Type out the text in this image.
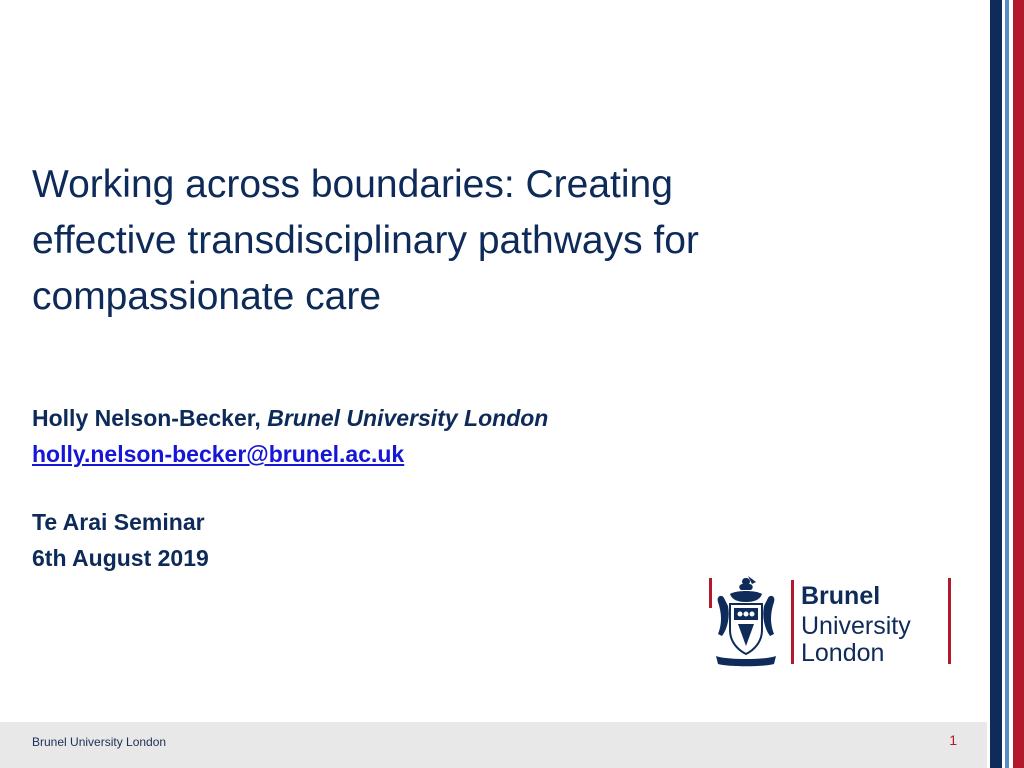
Working across boundaries: Creating
effective transdisciplinary pathways for
compassionate care
Holly Nelson-Becker, Brunel University London
holly.nelson-becker@brunel.ac.uk
Te Arai Seminar
6th August 2019
Brunel
University
London
Brunel University London	1
